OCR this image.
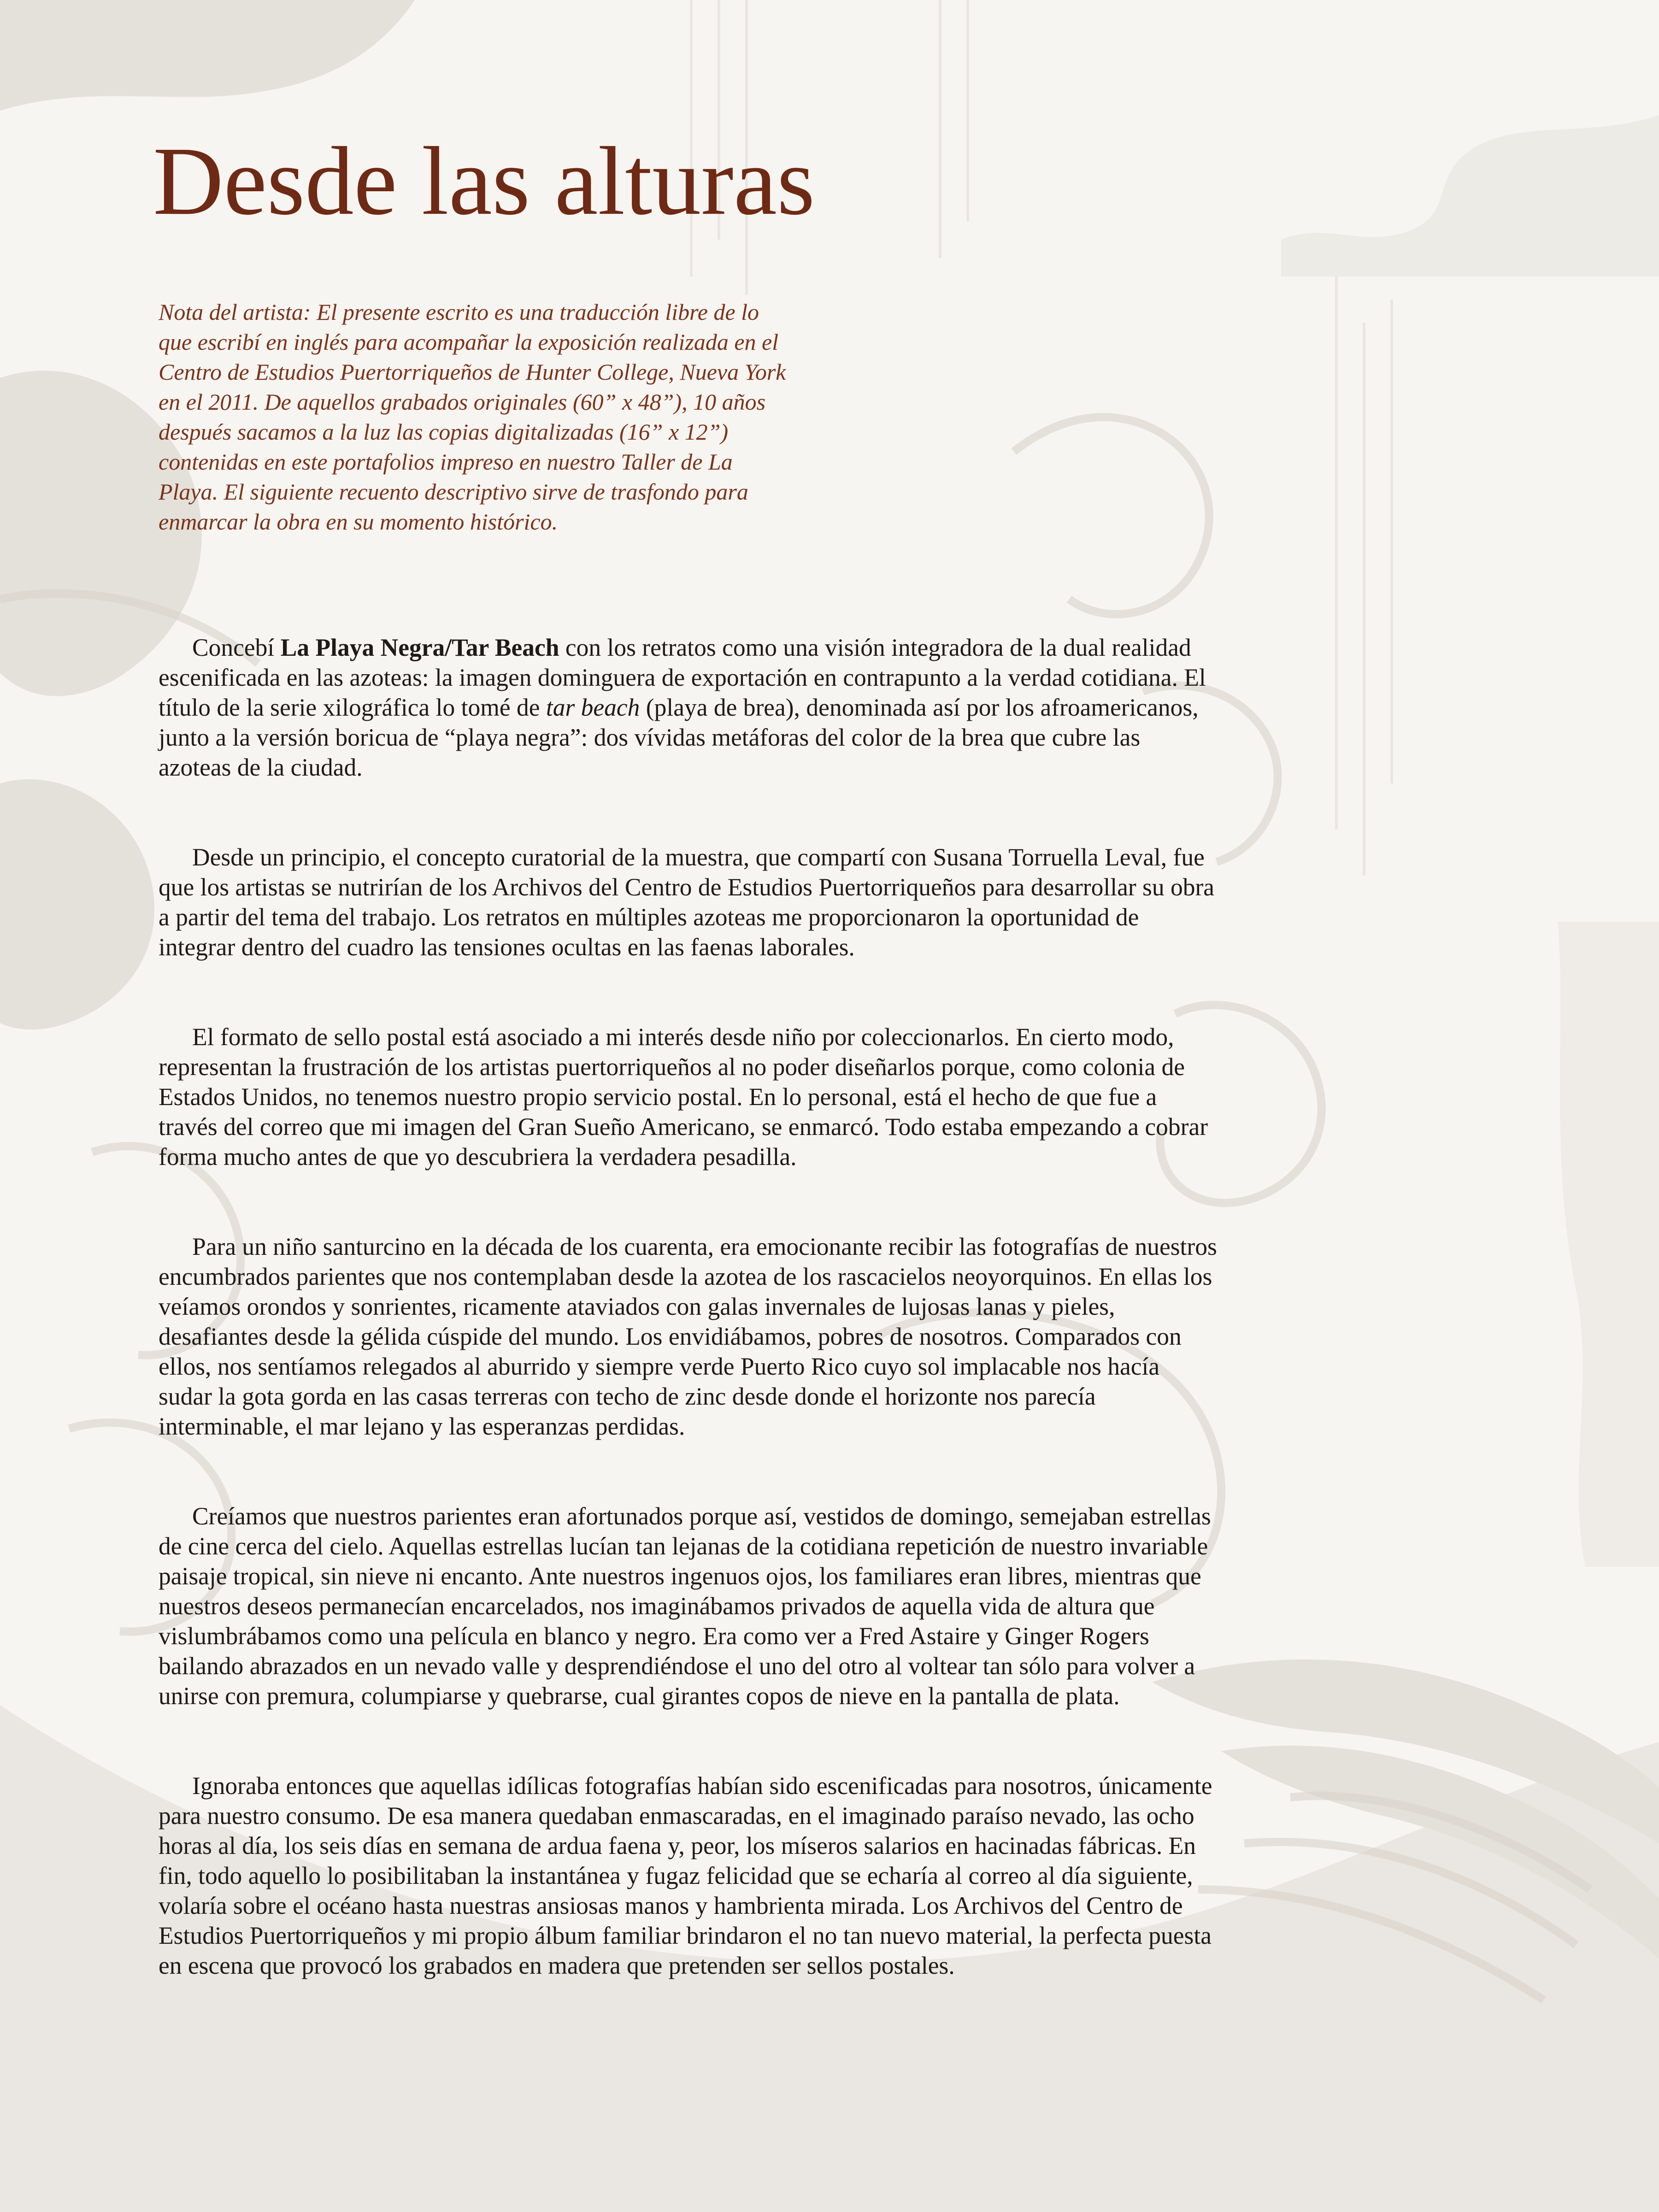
Desde las alturas

Nota del artista: El presente escrito es una traducción libre de lo que escribí en inglés para acompañar la exposición realizada en el Centro de Estudios Puertorriqueños de Hunter College, Nueva York en el 2011. De aquellos grabados originales (60” x 48”), 10 años después sacamos a la luz las copias digitalizadas (16” x 12”) contenidas en este portafolios impreso en nuestro Taller de La Playa. El siguiente recuento descriptivo sirve de trasfondo para enmarcar la obra en su momento histórico.

Concebí La Playa Negra/Tar Beach con los retratos como una visión integradora de la dual realidad escenificada en las azoteas: la imagen dominguera de exportación en contrapunto a la verdad cotidiana. El título de la serie xilográfica lo tomé de tar beach (playa de brea), denominada así por los afroamericanos, junto a la versión boricua de “playa negra”: dos vívidas metáforas del color de la brea que cubre las azoteas de la ciudad.

Desde un principio, el concepto curatorial de la muestra, que compartí con Susana Torruella Leval, fue que los artistas se nutrirían de los Archivos del Centro de Estudios Puertorriqueños para desarrollar su obra a partir del tema del trabajo. Los retratos en múltiples azoteas me proporcionaron la oportunidad de integrar dentro del cuadro las tensiones ocultas en las faenas laborales.

El formato de sello postal está asociado a mi interés desde niño por coleccionarlos. En cierto modo, representan la frustración de los artistas puertorriqueños al no poder diseñarlos porque, como colonia de Estados Unidos, no tenemos nuestro propio servicio postal. En lo personal, está el hecho de que fue a través del correo que mi imagen del Gran Sueño Americano, se enmarcó. Todo estaba empezando a cobrar forma mucho antes de que yo descubriera la verdadera pesadilla.

Para un niño santurcino en la década de los cuarenta, era emocionante recibir las fotografías de nuestros encumbrados parientes que nos contemplaban desde la azotea de los rascacielos neoyorquinos. En ellas los veíamos orondos y sonrientes, ricamente ataviados con galas invernales de lujosas lanas y pieles, desafiantes desde la gélida cúspide del mundo. Los envidiábamos, pobres de nosotros. Comparados con ellos, nos sentíamos relegados al aburrido y siempre verde Puerto Rico cuyo sol implacable nos hacía sudar la gota gorda en las casas terreras con techo de zinc desde donde el horizonte nos parecía interminable, el mar lejano y las esperanzas perdidas.

Creíamos que nuestros parientes eran afortunados porque así, vestidos de domingo, semejaban estrellas de cine cerca del cielo. Aquellas estrellas lucían tan lejanas de la cotidiana repetición de nuestro invariable paisaje tropical, sin nieve ni encanto. Ante nuestros ingenuos ojos, los familiares eran libres, mientras que nuestros deseos permanecían encarcelados, nos imaginábamos privados de aquella vida de altura que vislumbrábamos como una película en blanco y negro. Era como ver a Fred Astaire y Ginger Rogers bailando abrazados en un nevado valle y desprendiéndose el uno del otro al voltear tan sólo para volver a unirse con premura, columpiarse y quebrarse, cual girantes copos de nieve en la pantalla de plata.

Ignoraba entonces que aquellas idílicas fotografías habían sido escenificadas para nosotros, únicamente para nuestro consumo. De esa manera quedaban enmascaradas, en el imaginado paraíso nevado, las ocho horas al día, los seis días en semana de ardua faena y, peor, los míseros salarios en hacinadas fábricas. En fin, todo aquello lo posibilitaban la instantánea y fugaz felicidad que se echaría al correo al día siguiente, volaría sobre el océano hasta nuestras ansiosas manos y hambrienta mirada. Los Archivos del Centro de Estudios Puertorriqueños y mi propio álbum familiar brindaron el no tan nuevo material, la perfecta puesta en escena que provocó los grabados en madera que pretenden ser sellos postales.
